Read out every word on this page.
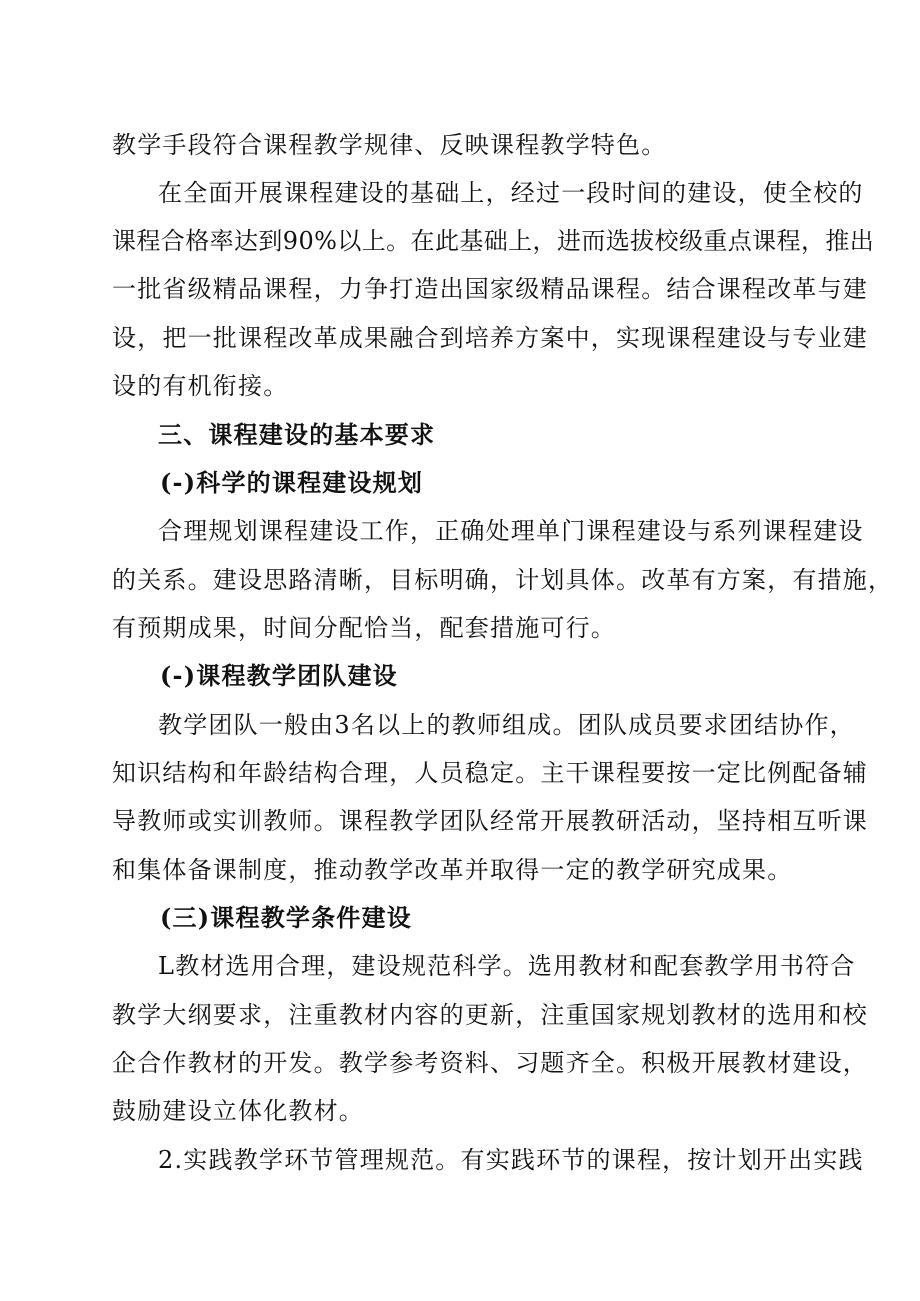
教学手段符合课程教学规律、反映课程教学特色。
在全面开展课程建设的基础上，经过一段时间的建设，使全校的
课程合格率达到90%以上。在此基础上，进而选拔校级重点课程，推出
一批省级精品课程，力争打造出国家级精品课程。结合课程改革与建
设，把一批课程改革成果融合到培养方案中，实现课程建设与专业建
设的有机衔接。
三、课程建设的基本要求
(-)科学的课程建设规划
合理规划课程建设工作，正确处理单门课程建设与系列课程建设
的关系。建设思路清晰，目标明确，计划具体。改革有方案，有措施，
有预期成果，时间分配恰当，配套措施可行。
(-)课程教学团队建设
教学团队一般由3名以上的教师组成。团队成员要求团结协作，
知识结构和年龄结构合理，人员稳定。主干课程要按一定比例配备辅
导教师或实训教师。课程教学团队经常开展教研活动，坚持相互听课
和集体备课制度，推动教学改革并取得一定的教学研究成果。
(三)课程教学条件建设
L教材选用合理，建设规范科学。选用教材和配套教学用书符合
教学大纲要求，注重教材内容的更新，注重国家规划教材的选用和校
企合作教材的开发。教学参考资料、习题齐全。积极开展教材建设，
鼓励建设立体化教材。
2.实践教学环节管理规范。有实践环节的课程，按计划开出实践
